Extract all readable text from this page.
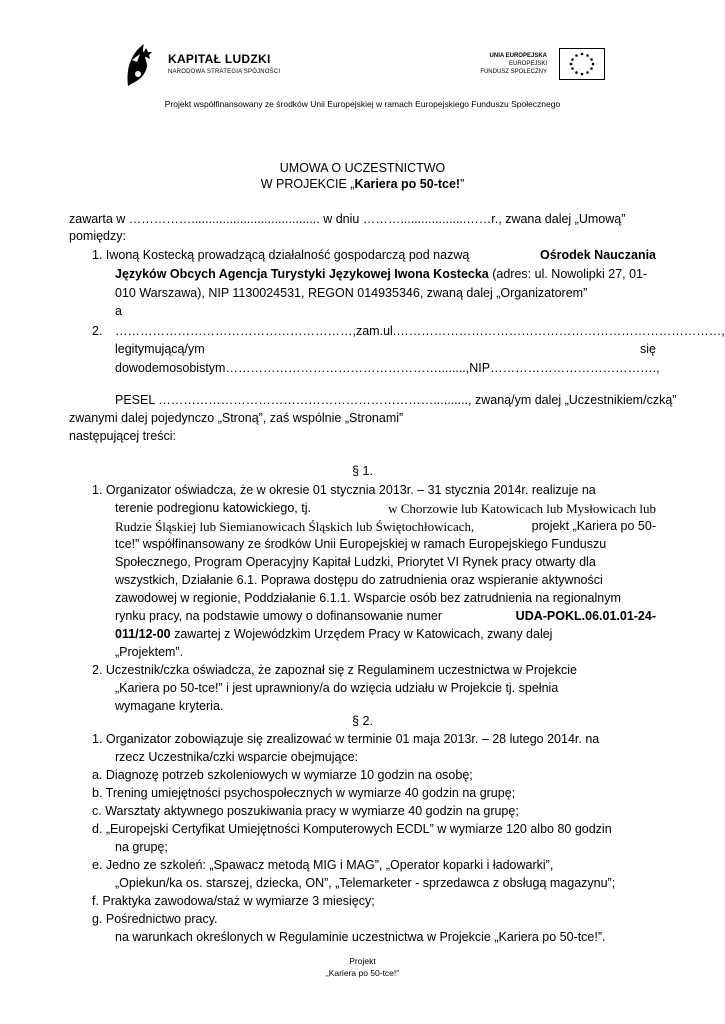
KAPITAŁ LUDZKI
NARODOWA STRATEGIA SPÓJNOŚCI
UNIA EUROPEJSKA
EUROPEJSKI
FUNDUSZ SPOŁECZNY
Projekt współfinansowany ze środków Unii Europejskiej w ramach Europejskiego Funduszu Społecznego
UMOWA O UCZESTNICTWO
W PROJEKCIE „Kariera po 50-tce!”
zawarta w ……………..................................... w dniu ………...................……r., zwana dalej „Umową”
pomiędzy:
1. Iwoną Kostecką prowadzącą działalność gospodarczą pod nazwą	Ośrodek Nauczania
Języków Obcych Agencja Turystyki Językowej Iwona Kostecka (adres: ul. Nowolipki 27, 01-
010 Warszawa), NIP 1130024531, REGON 014935346, zwaną dalej „Organizatorem”
a
2. …………………………………………………, zam. ul. ……………………………………………………………………,
legitymującą/ym	się
dowodem osobistym ……………………………………………........, NIP ………………………………….,
PESEL ………………………………………………………….........., zwaną/ym dalej „Uczestnikiem/czką”
zwanymi dalej pojedynczo „Stroną”, zaś wspólnie „Stronami”
następującej treści:
§ 1.
1. Organizator oświadcza, że w okresie 01 stycznia 2013r. – 31 stycznia 2014r. realizuje na
terenie podregionu katowickiego, tj.	w Chorzowie lub Katowicach lub Mysłowicach lub
Rudzie Śląskiej lub Siemianowicach Śląskich lub Świętochłowicach,	projekt „Kariera po 50-
tce!” współfinansowany ze środków Unii Europejskiej w ramach Europejskiego Funduszu
Społecznego, Program Operacyjny Kapitał Ludzki, Priorytet VI Rynek pracy otwarty dla
wszystkich, Działanie 6.1. Poprawa dostępu do zatrudnienia oraz wspieranie aktywności
zawodowej w regionie, Poddziałanie 6.1.1. Wsparcie osób bez zatrudnienia na regionalnym
rynku pracy, na podstawie umowy o dofinansowanie numer	UDA-POKL.06.01.01-24-
011/12-00 zawartej z Wojewódzkim Urzędem Pracy w Katowicach, zwany dalej
„Projektem”.
2. Uczestnik/czka oświadcza, że zapoznał się z Regulaminem uczestnictwa w Projekcie
„Kariera po 50-tce!” i jest uprawniony/a do wzięcia udziału w Projekcie tj. spełnia
wymagane kryteria.
§ 2.
1. Organizator zobowiązuje się zrealizować w terminie 01 maja 2013r. – 28 lutego 2014r. na
rzecz Uczestnika/czki wsparcie obejmujące:
a. Diagnozę potrzeb szkoleniowych w wymiarze 10 godzin na osobę;
b. Trening umiejętności psychospołecznych w wymiarze 40 godzin na grupę;
c. Warsztaty aktywnego poszukiwania pracy w wymiarze 40 godzin na grupę;
d. „Europejski Certyfikat Umiejętności Komputerowych ECDL” w wymiarze 120 albo 80 godzin
na grupę;
e. Jedno ze szkoleń: „Spawacz metodą MIG i MAG”, „Operator koparki i ładowarki”,
„Opiekun/ka os. starszej, dziecka, ON”, „Telemarketer - sprzedawca z obsługą magazynu”;
f. Praktyka zawodowa/staż w wymiarze 3 miesięcy;
g. Pośrednictwo pracy.
na warunkach określonych w Regulaminie uczestnictwa w Projekcie „Kariera po 50-tce!”.
Projekt
„Kariera po 50-tce!”
